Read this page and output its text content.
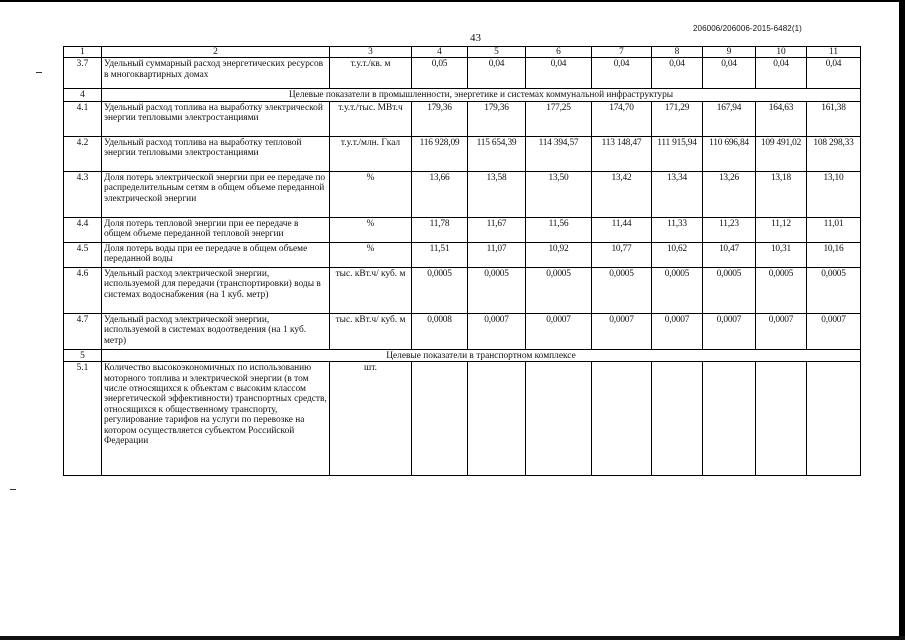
206006/206006-2015-6482(1)
43
1	2	3	4	5	6	7	8	9	10	11
3.7	Удельный суммарный расход энергетических ресурсов в многоквартирных домах	т.у.т./кв. м	0,05	0,04	0,04	0,04	0,04	0,04	0,04	0,04
4	Целевые показатели в промышленности, энергетике и системах коммунальной инфраструктуры									
4.1	Удельный расход топлива на выработку электрической энергии тепловыми электростанциями	т.у.т./тыс. МВт.ч	179,36	179,36	177,25	174,70	171,29	167,94	164,63	161,38
4.2	Удельный расход топлива на выработку тепловой энергии тепловыми электростанциями	т.у.т./млн. Гкал	116 928,09	115 654,39	114 394,57	113 148,47	111 915,94	110 696,84	109 491,02	108 298,33
4.3	Доля потерь электрической энергии при ее передаче по распределительным сетям в общем объеме переданной электрической энергии	%	13,66	13,58	13,50	13,42	13,34	13,26	13,18	13,10
4.4	Доля потерь тепловой энергии при ее передаче в общем объеме переданной тепловой энергии	%	11,78	11,67	11,56	11,44	11,33	11,23	11,12	11,01
4.5	Доля потерь воды при ее передаче в общем объеме переданной воды	%	11,51	11,07	10,92	10,77	10,62	10,47	10,31	10,16
4.6	Удельный расход электрической энергии, используемой для передачи (транспортировки) воды в системах водоснабжения (на 1 куб. метр)	тыс. кВт.ч/ куб. м	0,0005	0,0005	0,0005	0,0005	0,0005	0,0005	0,0005	0,0005
4.7	Удельный расход электрической энергии, используемой в системах водоотведения (на 1 куб. метр)	тыс. кВт.ч/ куб. м	0,0008	0,0007	0,0007	0,0007	0,0007	0,0007	0,0007	0,0007
5	Целевые показатели в транспортном комплексе									
5.1	Количество высокоэкономичных по использованию моторного топлива и электрической энергии (в том числе относящихся к объектам с высоким классом энергетической эффективности) транспортных средств, относящихся к общественному транспорту, регулирование тарифов на услуги по перевозке на котором осуществляется субъектом Российской Федерации	шт.								
